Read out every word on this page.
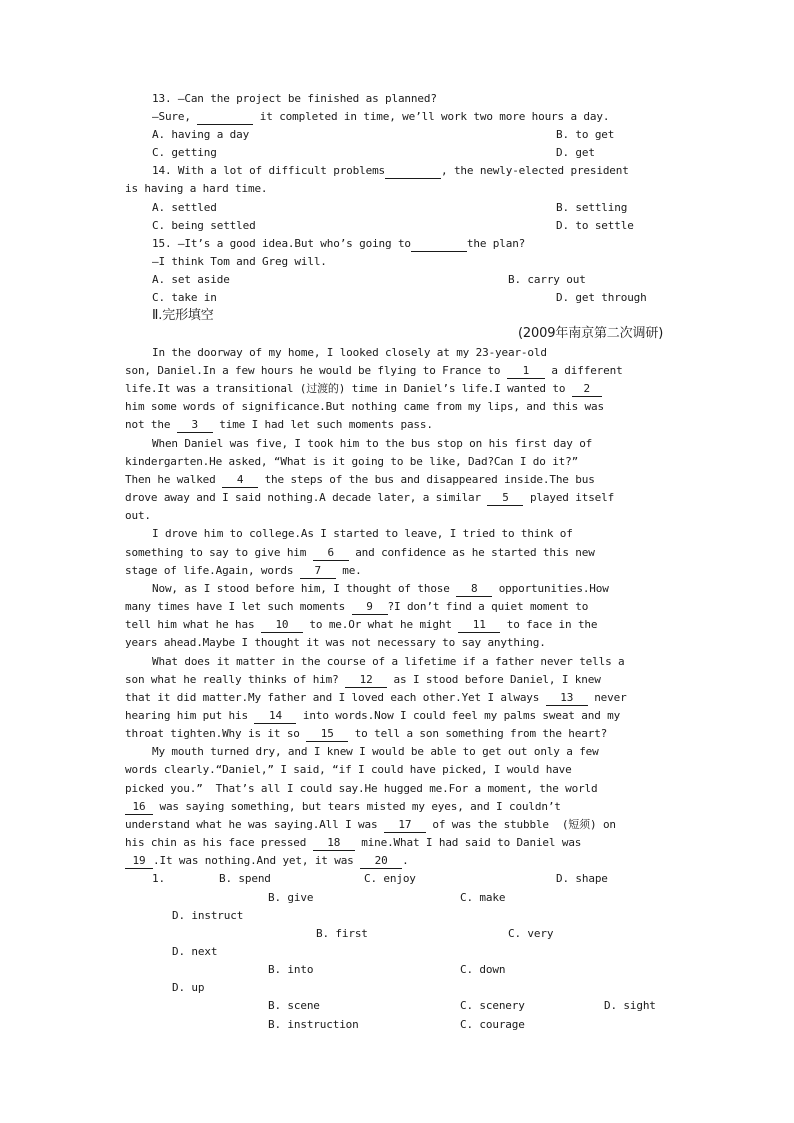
13. —Can the project be finished as planned?
—Sure,	it completed in time, we’ll work two more hours a day.
A. having a day	B. to get
C. getting	D. get
14. With a lot of difficult problems	, the newly-elected president
is having a hard time.
A. settled	B. settling
C. being settled	D. to settle
15. —It’s a good idea.But who’s going to	the plan?
—I think Tom and Greg will.
A. set aside	B. carry out
C. take in	D. get through
Ⅱ.完形填空
(2009年南京第二次调研)
In the doorway of my home, I looked closely at my 23-year-old
son, Daniel.In a few hours he would be flying to France to 1 a different
life.It was a transitional (过渡的) time in Daniel’s life.I wanted to 2
him some words of significance.But nothing came from my lips, and this was
not the 3 time I had let such moments pass.
When Daniel was five, I took him to the bus stop on his first day of
kindergarten.He asked, “What is it going to be like, Dad?Can I do it?”
Then he walked 4 the steps of the bus and disappeared inside.The bus
drove away and I said nothing.A decade later, a similar 5 played itself
out.
I drove him to college.As I started to leave, I tried to think of
something to say to give him 6 and confidence as he started this new
stage of life.Again, words 7 me.
Now, as I stood before him, I thought of those 8 opportunities.How
many times have I let such moments 9 ?I don’t find a quiet moment to
tell him what he has 10 to me.Or what he might 11 to face in the
years ahead.Maybe I thought it was not necessary to say anything.
What does it matter in the course of a lifetime if a father never tells a
son what he really thinks of him? 12 as I stood before Daniel, I knew
that it did matter.My father and I loved each other.Yet I always 13 never
hearing him put his 14 into words.Now I could feel my palms sweat and my
throat tighten.Why is it so 15 to tell a son something from the heart?
My mouth turned dry, and I knew I would be able to get out only a few
words clearly.“Daniel,” I said, “if I could have picked, I would have
picked you.”  That’s all I could say.He hugged me.For a moment, the world
16 was saying something, but tears misted my eyes, and I couldn’t
understand what he was saying.All I was 17 of was the stubble  (短须) on
his chin as his face pressed 18 mine.What I had said to Daniel was
19 .It was nothing.And yet, it was 20 .
1.	B. spend	C. enjoy	D. shape
B. give	C. make
D. instruct
B. first	C. very
D. next
B. into	C. down
D. up
B. scene	C. scenery	D. sight
B. instruction	C. courage
